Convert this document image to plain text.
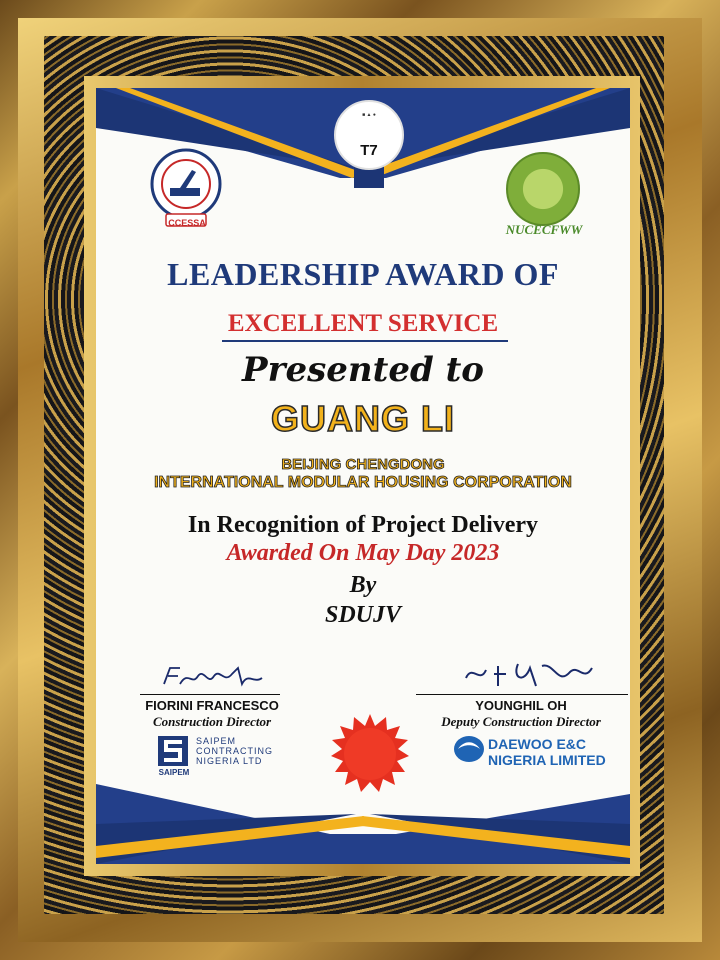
■ ▲ ●
T7
CCESSA	NUCECFWW
LEADERSHIP AWARD OF
EXCELLENT SERVICE
Presented to
GUANG LI
BEIJING CHENGDONG
INTERNATIONAL MODULAR HOUSING CORPORATION
In Recognition of Project Delivery
Awarded On May Day 2023
By
SDUJV
FIORINI FRANCESCO
Construction Director
YOUNGHIL OH
Deputy Construction Director
SAIPEM
SAIPEM CONTRACTING NIGERIA LTD
DAEWOO E&C NIGERIA LIMITED
